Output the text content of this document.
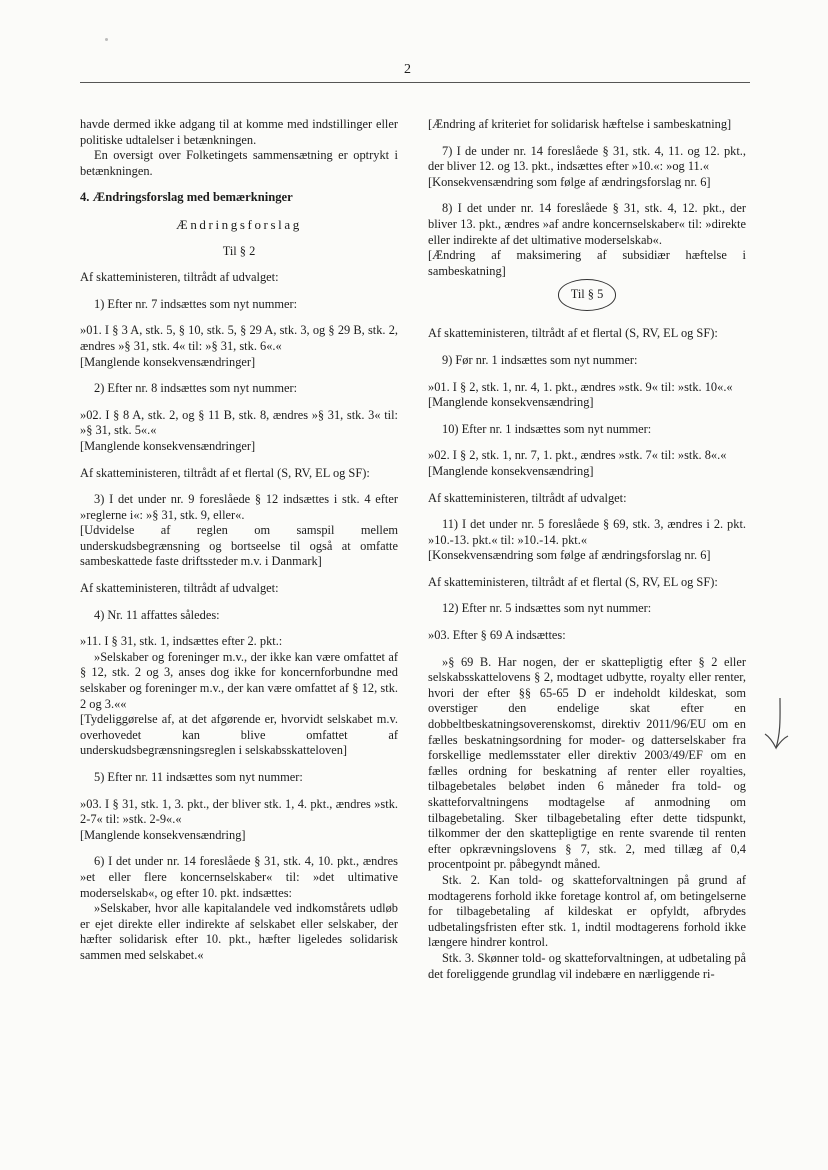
2

havde dermed ikke adgang til at komme med indstillinger eller politiske udtalelser i betænkningen.

En oversigt over Folketingets sammensætning er optrykt i betænkningen.

4. Ændringsforslag med bemærkninger

Ændringsforslag

Til § 2

Af skatteministeren, tiltrådt af udvalget:

1) Efter nr. 7 indsættes som nyt nummer:

»01. I § 3 A, stk. 5, § 10, stk. 5, § 29 A, stk. 3, og § 29 B, stk. 2, ændres »§ 31, stk. 4« til: »§ 31, stk. 6«.«

[Manglende konsekvensændringer]

2) Efter nr. 8 indsættes som nyt nummer:

»02. I § 8 A, stk. 2, og § 11 B, stk. 8, ændres »§ 31, stk. 3« til: »§ 31, stk. 5«.«

[Manglende konsekvensændringer]

Af skatteministeren, tiltrådt af et flertal (S, RV, EL og SF):

3) I det under nr. 9 foreslåede § 12 indsættes i stk. 4 efter »reglerne i«: »§ 31, stk. 9, eller«.

[Udvidelse af reglen om samspil mellem underskudsbegrænsning og bortseelse til også at omfatte sambeskattede faste driftssteder m.v. i Danmark]

Af skatteministeren, tiltrådt af udvalget:

4) Nr. 11 affattes således:

»11. I § 31, stk. 1, indsættes efter 2. pkt.:

»Selskaber og foreninger m.v., der ikke kan være omfattet af § 12, stk. 2 og 3, anses dog ikke for koncernforbundne med selskaber og foreninger m.v., der kan være omfattet af § 12, stk. 2 og 3.««

[Tydeliggørelse af, at det afgørende er, hvorvidt selskabet m.v. overhovedet kan blive omfattet af underskudsbegrænsningsreglen i selskabsskatteloven]

5) Efter nr. 11 indsættes som nyt nummer:

»03. I § 31, stk. 1, 3. pkt., der bliver stk. 1, 4. pkt., ændres »stk. 2-7« til: »stk. 2-9«.«

[Manglende konsekvensændring]

6) I det under nr. 14 foreslåede § 31, stk. 4, 10. pkt., ændres »et eller flere koncernselskaber« til: »det ultimative moderselskab«, og efter 10. pkt. indsættes:

»Selskaber, hvor alle kapitalandele ved indkomstårets udløb er ejet direkte eller indirekte af selskabet eller selskaber, der hæfter solidarisk efter 10. pkt., hæfter ligeledes solidarisk sammen med selskabet.«

[Ændring af kriteriet for solidarisk hæftelse i sambeskatning]

7) I de under nr. 14 foreslåede § 31, stk. 4, 11. og 12. pkt., der bliver 12. og 13. pkt., indsættes efter »10.«: »og 11.«

[Konsekvensændring som følge af ændringsforslag nr. 6]

8) I det under nr. 14 foreslåede § 31, stk. 4, 12. pkt., der bliver 13. pkt., ændres »af andre koncernselskaber« til: »direkte eller indirekte af det ultimative moderselskab«.

[Ændring af maksimering af subsidiær hæftelse i sambeskatning]

Til § 5

Af skatteministeren, tiltrådt af et flertal (S, RV, EL og SF):

9) Før nr. 1 indsættes som nyt nummer:

»01. I § 2, stk. 1, nr. 4, 1. pkt., ændres »stk. 9« til: »stk. 10«.«

[Manglende konsekvensændring]

10) Efter nr. 1 indsættes som nyt nummer:

»02. I § 2, stk. 1, nr. 7, 1. pkt., ændres »stk. 7« til: »stk. 8«.«

[Manglende konsekvensændring]

Af skatteministeren, tiltrådt af udvalget:

11) I det under nr. 5 foreslåede § 69, stk. 3, ændres i 2. pkt. »10.-13. pkt.« til: »10.-14. pkt.«

[Konsekvensændring som følge af ændringsforslag nr. 6]

Af skatteministeren, tiltrådt af et flertal (S, RV, EL og SF):

12) Efter nr. 5 indsættes som nyt nummer:

»03. Efter § 69 A indsættes:

»§ 69 B. Har nogen, der er skattepligtig efter § 2 eller selskabsskattelovens § 2, modtaget udbytte, royalty eller renter, hvori der efter §§ 65-65 D er indeholdt kildeskat, som overstiger den endelige skat efter en dobbeltbeskatningsoverenskomst, direktiv 2011/96/EU om en fælles beskatningsordning for moder- og datterselskaber fra forskellige medlemsstater eller direktiv 2003/49/EF om en fælles ordning for beskatning af renter eller royalties, tilbagebetales beløbet inden 6 måneder fra told- og skatteforvaltningens modtagelse af anmodning om tilbagebetaling. Sker tilbagebetaling efter dette tidspunkt, tilkommer der den skattepligtige en rente svarende til renten efter opkrævningslovens § 7, stk. 2, med tillæg af 0,4 procentpoint pr. påbegyndt måned.

Stk. 2. Kan told- og skatteforvaltningen på grund af modtagerens forhold ikke foretage kontrol af, om betingelserne for tilbagebetaling af kildeskat er opfyldt, afbrydes udbetalingsfristen efter stk. 1, indtil modtagerens forhold ikke længere hindrer kontrol.

Stk. 3. Skønner told- og skatteforvaltningen, at udbetaling på det foreliggende grundlag vil indebære en nærliggende ri-
